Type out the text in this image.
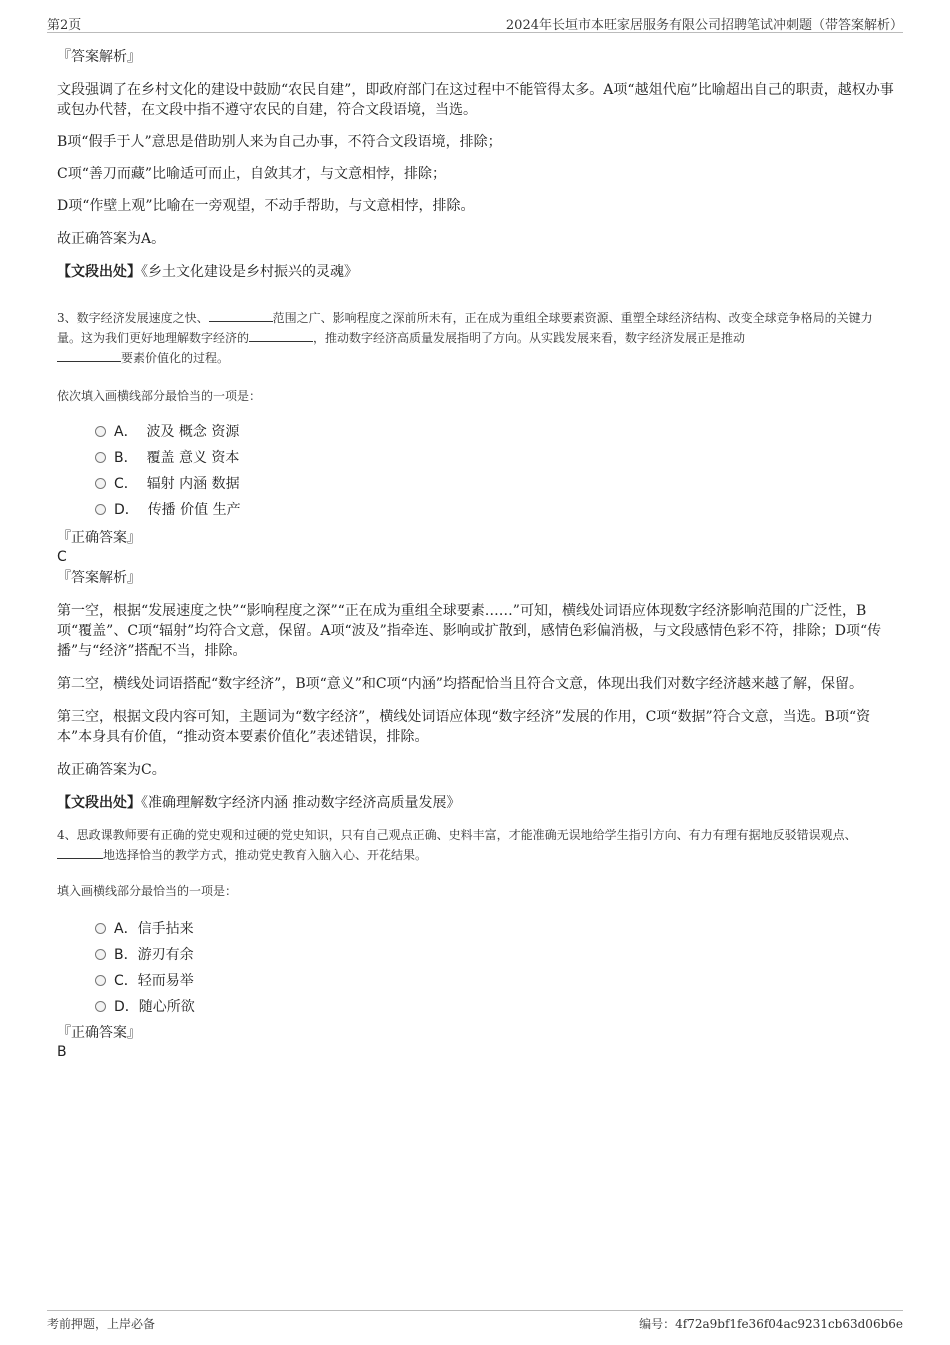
第2页	2024年长垣市本旺家居服务有限公司招聘笔试冲刺题（带答案解析）

『答案解析』

文段强调了在乡村文化的建设中鼓励“农民自建”，即政府部门在这过程中不能管得太多。A项“越俎代庖”比喻超出自己的职责，越权办事或包办代替，在文段中指不遵守农民的自建，符合文段语境，当选。

B项“假手于人”意思是借助别人来为自己办事，不符合文段语境，排除；

C项“善刀而藏”比喻适可而止，自敛其才，与文意相悖，排除；

D项“作壁上观”比喻在一旁观望，不动手帮助，与文意相悖，排除。

故正确答案为A。

【文段出处】《乡土文化建设是乡村振兴的灵魂》

3、数字经济发展速度之快、	范围之广、影响程度之深前所未有，正在成为重组全球要素资源、重塑全球经济结构、改变全球竞争格局的关键力量。这为我们更好地理解数字经济的	，推动数字经济高质量发展指明了方向。从实践发展来看，数字经济发展正是推动
要素价值化的过程。

依次填入画横线部分最恰当的一项是：

A． 波及 概念 资源
B． 覆盖 意义 资本
C． 辐射 内涵 数据
D． 传播 价值 生产

『正确答案』

C

『答案解析』

第一空，根据“发展速度之快”“影响程度之深”“正在成为重组全球要素……”可知，横线处词语应体现数字经济影响范围的广泛性，B项“覆盖”、C项“辐射”均符合文意，保留。A项“波及”指牵连、影响或扩散到，感情色彩偏消极，与文段感情色彩不符，排除；D项“传播”与“经济”搭配不当，排除。

第二空，横线处词语搭配“数字经济”，B项“意义”和C项“内涵”均搭配恰当且符合文意，体现出我们对数字经济越来越了解，保留。

第三空，根据文段内容可知，主题词为“数字经济”，横线处词语应体现“数字经济”发展的作用，C项“数据”符合文意，当选。B项“资本”本身具有价值，“推动资本要素价值化”表述错误，排除。

故正确答案为C。

【文段出处】《准确理解数字经济内涵 推动数字经济高质量发展》

4、思政课教师要有正确的党史观和过硬的党史知识，只有自己观点正确、史料丰富，才能准确无误地给学生指引方向、有力有理有据地反驳错误观点、地选择恰当的教学方式，推动党史教育入脑入心、开花结果。

填入画横线部分最恰当的一项是：

A．信手拈来
B．游刃有余
C．轻而易举
D．随心所欲

『正确答案』

B

考前押题，上岸必备	编号：4f72a9bf1fe36f04ac9231cb63d06b6e
